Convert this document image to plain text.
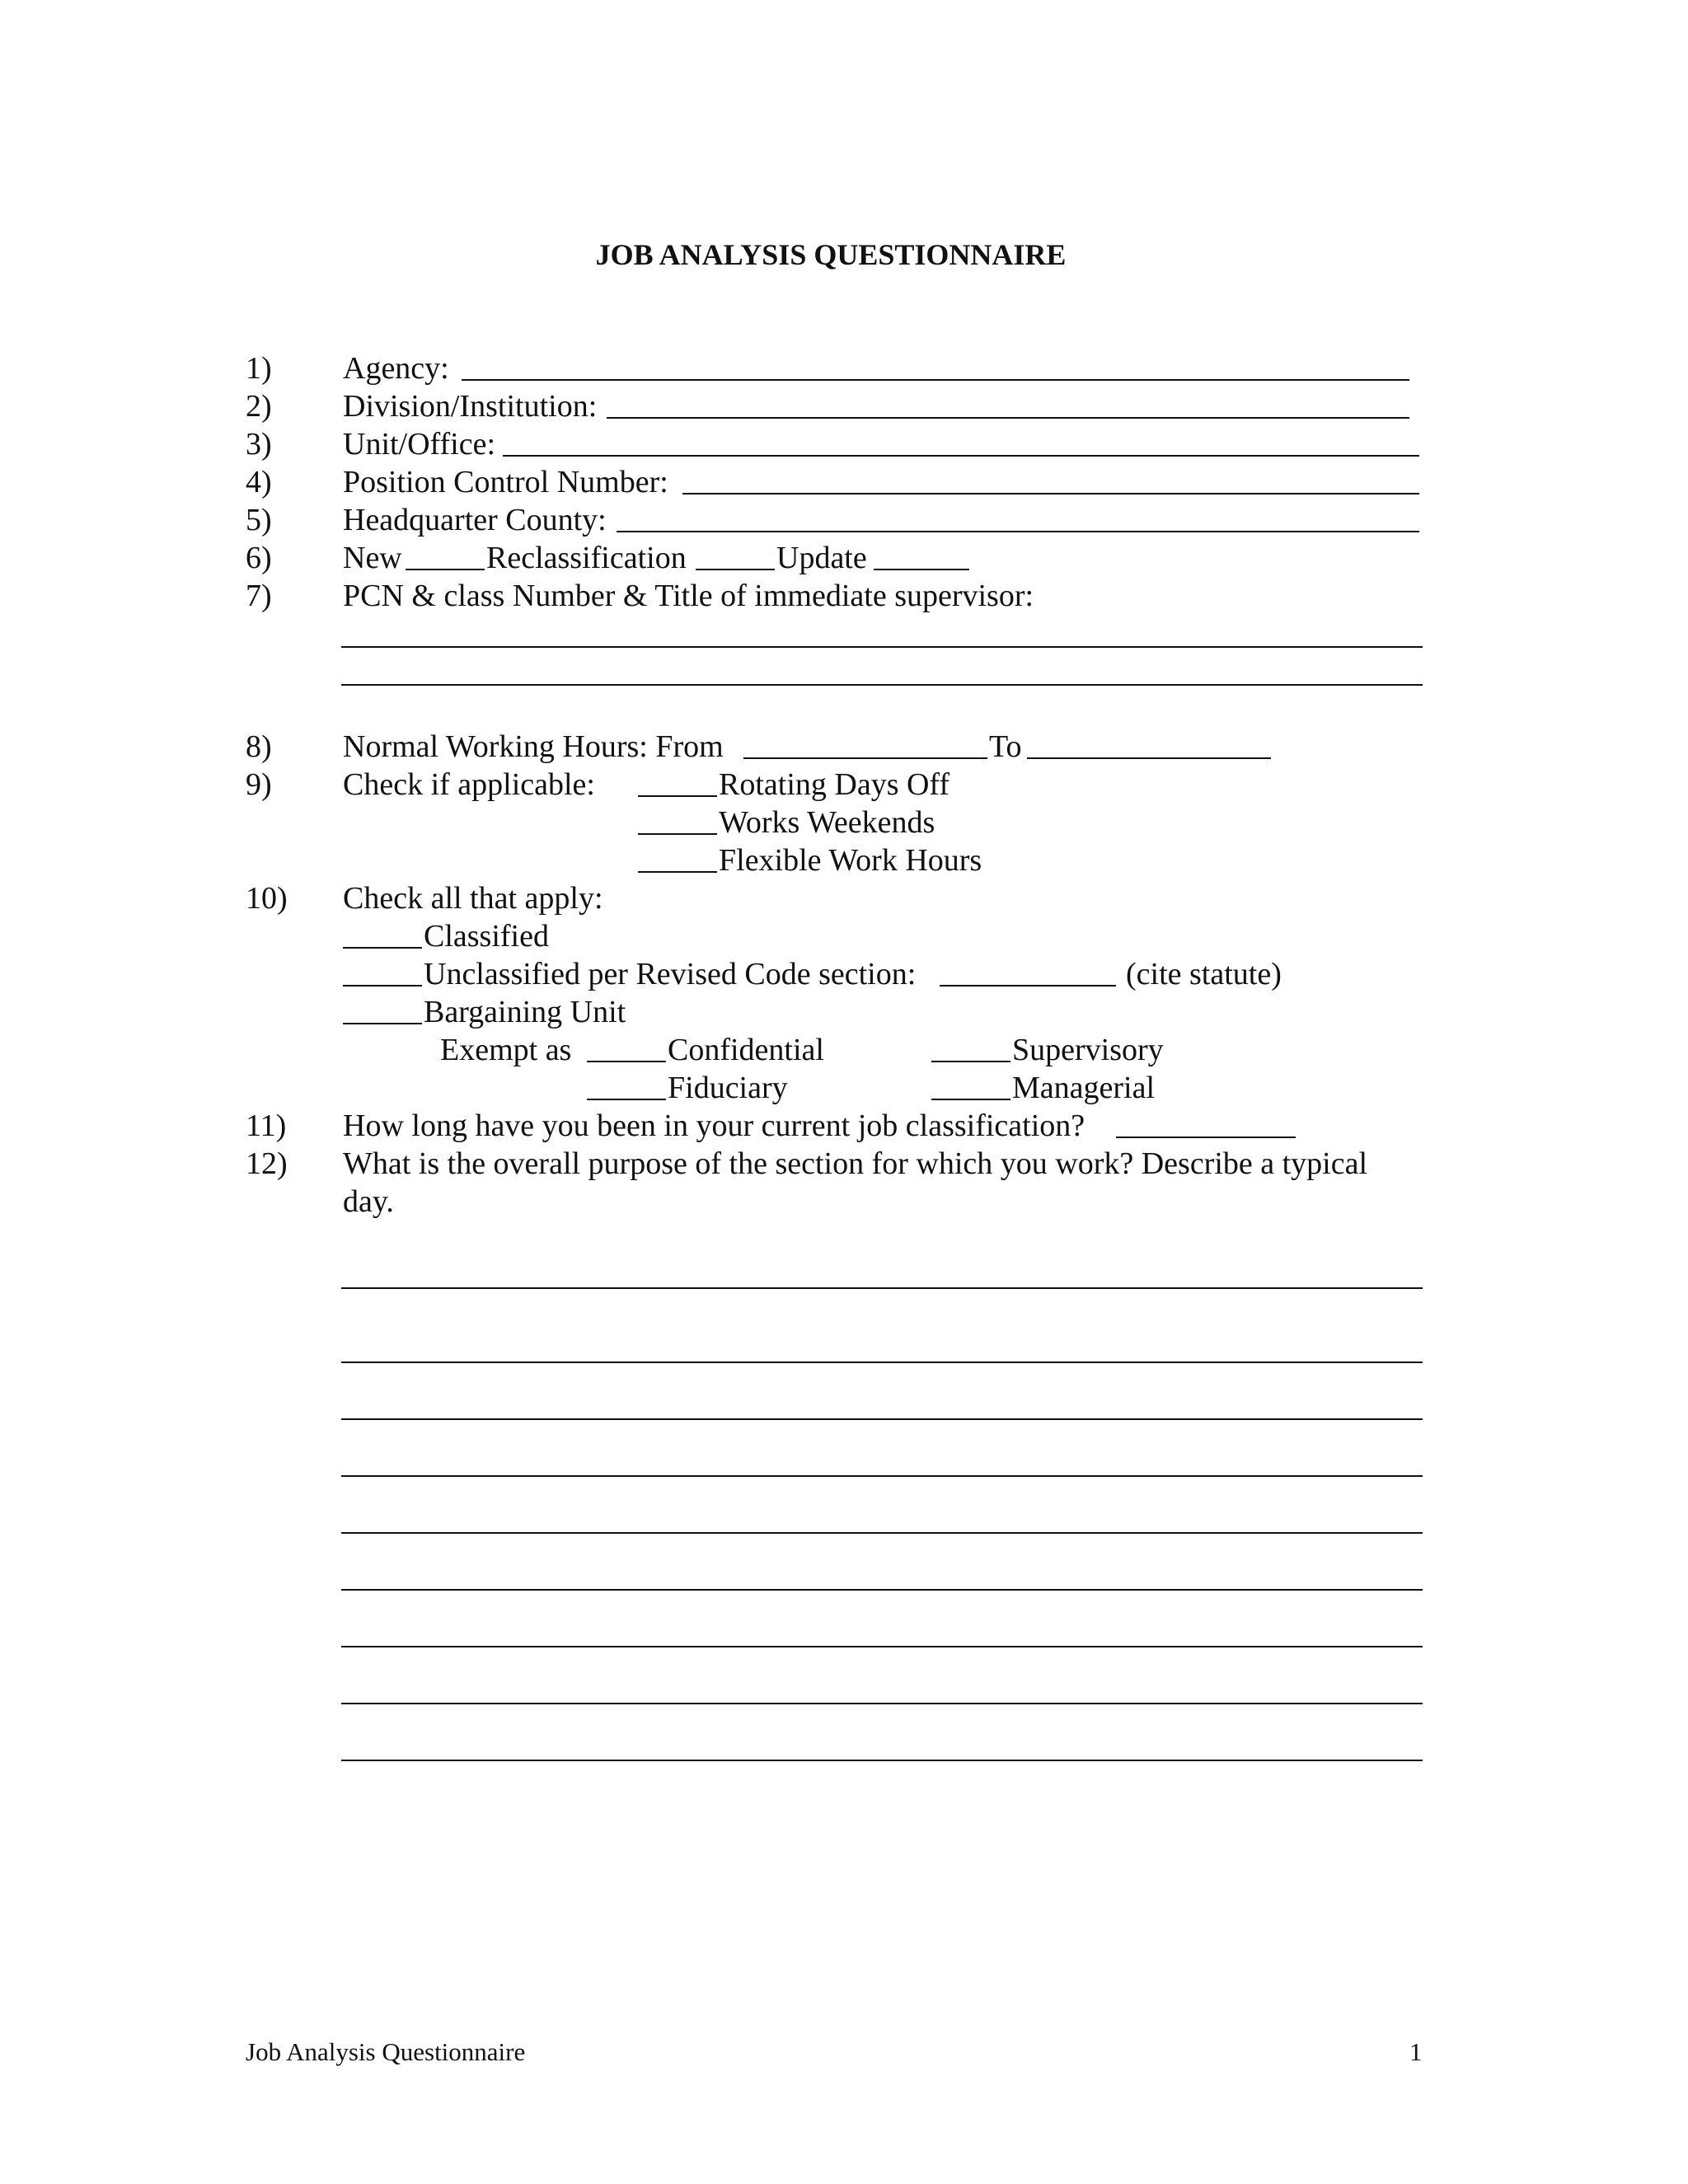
JOB ANALYSIS QUESTIONNAIRE
1) Agency:
2) Division/Institution:
3) Unit/Office:
4) Position Control Number:
5) Headquarter County:
6) New	Reclassification	Update
7) PCN & class Number & Title of immediate supervisor:
8) Normal Working Hours: From	To
9) Check if applicable:	Rotating Days Off
Works Weekends
Flexible Work Hours
10) Check all that apply:
Classified
Unclassified per Revised Code section:	(cite statute)
Bargaining Unit
Exempt as	Confidential	Supervisory
Fiduciary	Managerial
11) How long have you been in your current job classification?
12) What is the overall purpose of the section for which you work? Describe a typical
day.
Job Analysis Questionnaire	1
